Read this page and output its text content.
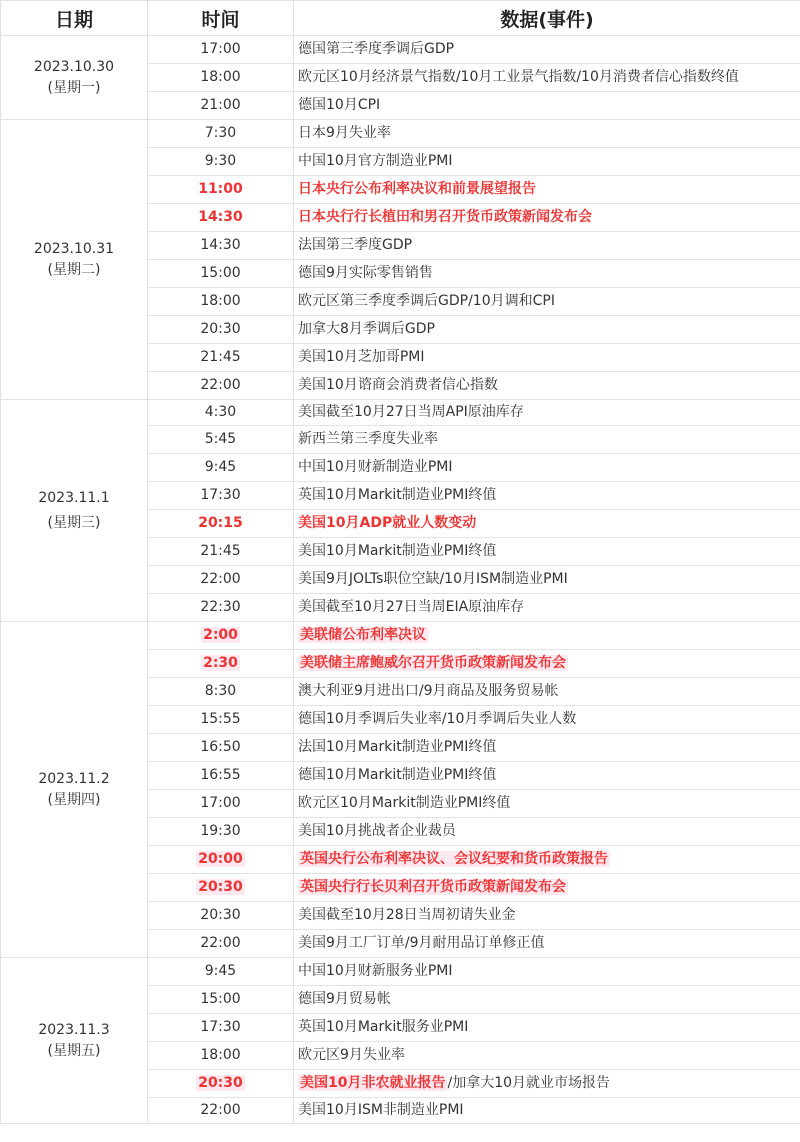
日期	时间	数据(事件)

2023.10.30
(星期一)	17:00	德国第三季度季调后GDP
	18:00	欧元区10月经济景气指数/10月工业景气指数/10月消费者信心指数终值
	21:00	德国10月CPI

2023.10.31
(星期二)	7:30	日本9月失业率
	9:30	中国10月官方制造业PMI
	11:00	日本央行公布利率决议和前景展望报告
	14:30	日本央行行长植田和男召开货币政策新闻发布会
	14:30	法国第三季度GDP
	15:00	德国9月实际零售销售
	18:00	欧元区第三季度季调后GDP/10月调和CPI
	20:30	加拿大8月季调后GDP
	21:45	美国10月芝加哥PMI
	22:00	美国10月谘商会消费者信心指数

2023.11.1
(星期三)	4:30	美国截至10月27日当周API原油库存
	5:45	新西兰第三季度失业率
	9:45	中国10月财新制造业PMI
	17:30	英国10月Markit制造业PMI终值
	20:15	美国10月ADP就业人数变动
	21:45	美国10月Markit制造业PMI终值
	22:00	美国9月JOLTs职位空缺/10月ISM制造业PMI
	22:30	美国截至10月27日当周EIA原油库存

2023.11.2
(星期四)	2:00	美联储公布利率决议
	2:30	美联储主席鲍威尔召开货币政策新闻发布会
	8:30	澳大利亚9月进出口/9月商品及服务贸易帐
	15:55	德国10月季调后失业率/10月季调后失业人数
	16:50	法国10月Markit制造业PMI终值
	16:55	德国10月Markit制造业PMI终值
	17:00	欧元区10月Markit制造业PMI终值
	19:30	美国10月挑战者企业裁员
	20:00	英国央行公布利率决议、会议纪要和货币政策报告
	20:30	英国央行行长贝利召开货币政策新闻发布会
	20:30	美国截至10月28日当周初请失业金
	22:00	美国9月工厂订单/9月耐用品订单修正值

2023.11.3
(星期五)	9:45	中国10月财新服务业PMI
	15:00	德国9月贸易帐
	17:30	英国10月Markit服务业PMI
	18:00	欧元区9月失业率
	20:30	美国10月非农就业报告 /加拿大10月就业市场报告
	22:00	美国10月ISM非制造业PMI
